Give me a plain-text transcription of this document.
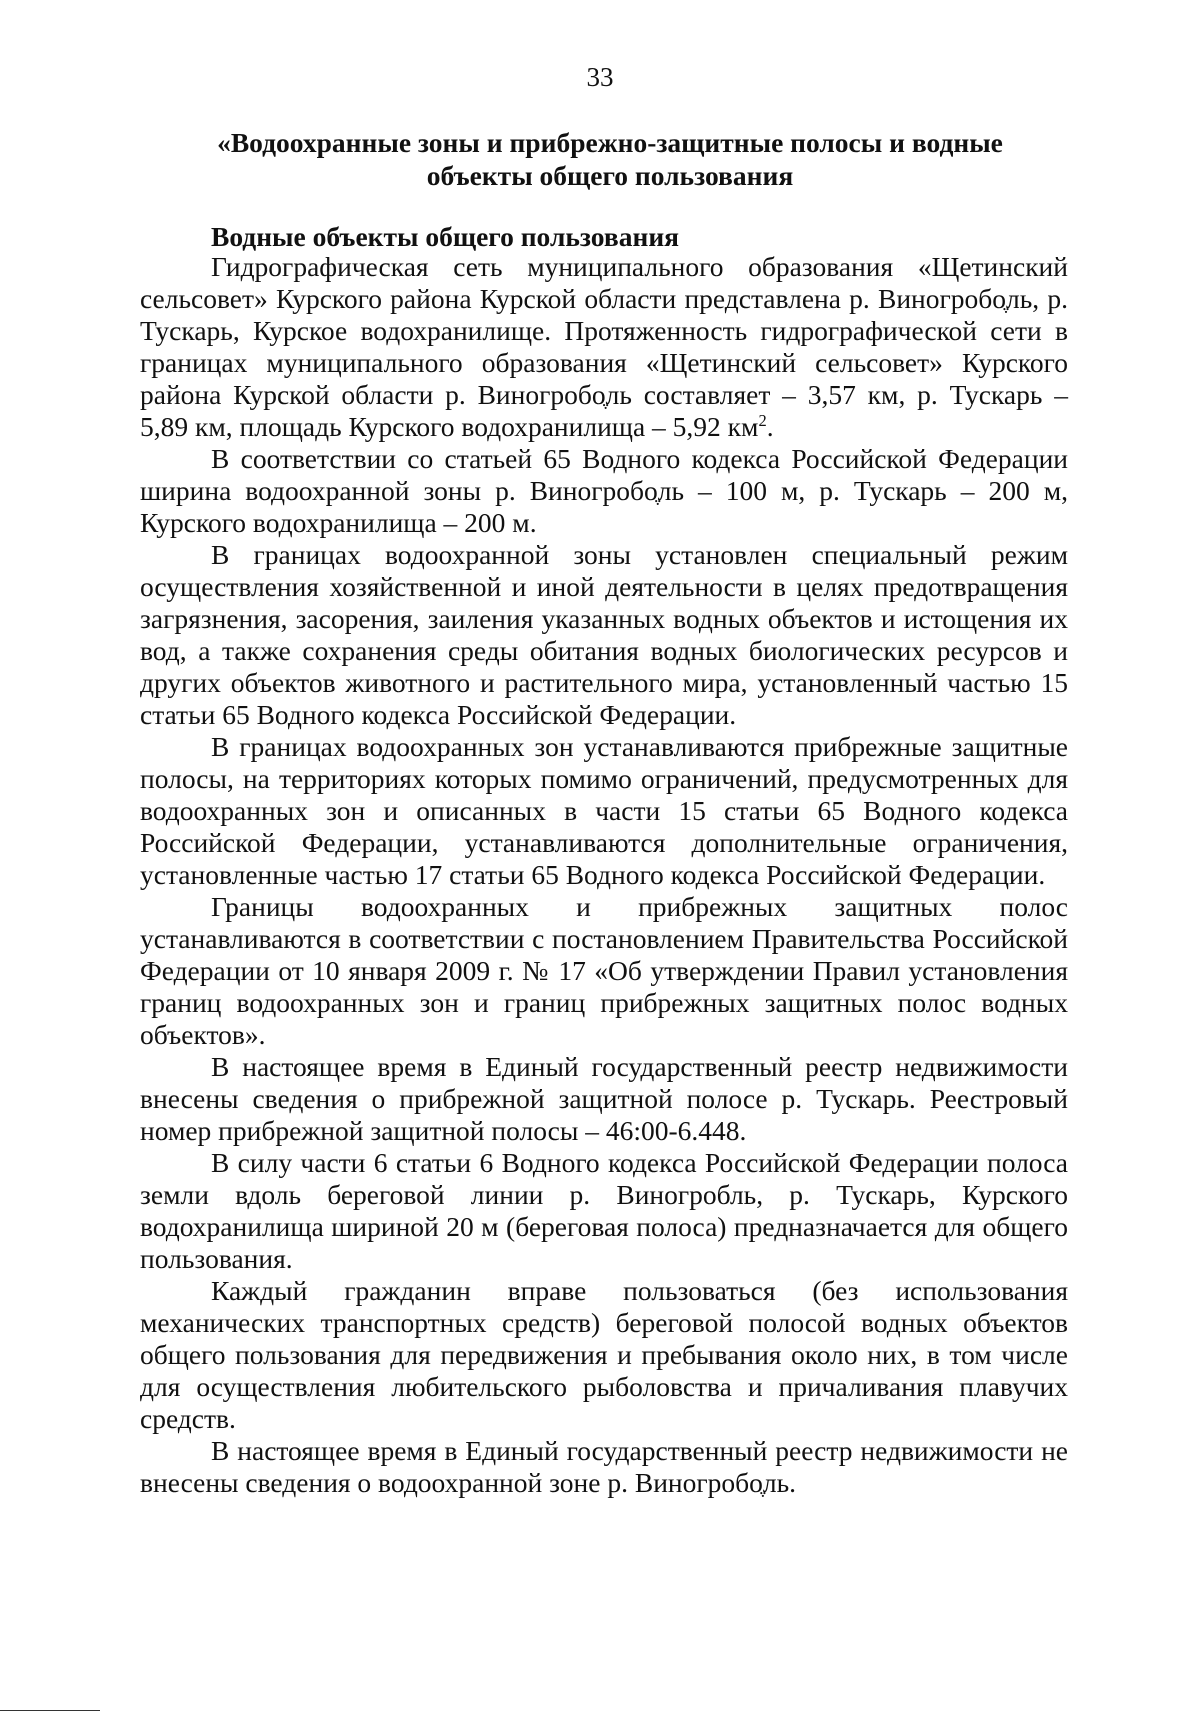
33
«Водоохранные зоны и прибрежно-защитные полосы и водные
объекты общего пользования
Водные объекты общего пользования

Гидрографическая сеть муниципального образования «Щетинский сельсовет» Курского района Курской области представлена р. Виногробоֶль, р. Тускарь, Курское водохранилище. Протяженность гидрографической сети в границах муниципального образования «Щетинский сельсовет» Курского района Курской области р. Виногробоֶль составляет – 3,57 км, р. Тускарь – 5,89 км, площадь Курского водохранилища – 5,92 $км^2$.

В соответствии со статьей 65 Водного кодекса Российской Федерации ширина водоохранной зоны р. Виногробоֶль – 100 м, р. Тускарь – 200 м, Курского водохранилища – 200 м.

В границах водоохранной зоны установлен специальный режим осуществления хозяйственной и иной деятельности в целях предотвращения загрязнения, засорения, заиления указанных водных объектов и истощения их вод, а также сохранения среды обитания водных биологических ресурсов и других объектов животного и растительного мира, установленный частью 15 статьи 65 Водного кодекса Российской Федерации.

В границах водоохранных зон устанавливаются прибрежные защитные полосы, на территориях которых помимо ограничений, предусмотренных для водоохранных зон и описанных в части 15 статьи 65 Водного кодекса Российской Федерации, устанавливаются дополнительные ограничения, установленные частью 17 статьи 65 Водного кодекса Российской Федерации.

Границы водоохранных и прибрежных защитных полос устанавливаются в соответствии с постановлением Правительства Российской Федерации от 10 января 2009 г. № 17 «Об утверждении Правил установления границ водоохранных зон и границ прибрежных защитных полос водных объектов».

В настоящее время в Единый государственный реестр недвижимости внесены сведения о прибрежной защитной полосе р. Тускарь. Реестровый номер прибрежной защитной полосы – 46:00-6.448.

В силу части 6 статьи 6 Водного кодекса Российской Федерации полоса земли вдоль береговой линии р. Виногробль, р. Тускарь, Курского водохранилища шириной 20 м (береговая полоса) предназначается для общего пользования.

Каждый гражданин вправе пользоваться (без использования механических транспортных средств) береговой полосой водных объектов общего пользования для передвижения и пребывания около них, в том числе для осуществления любительского рыболовства и причаливания плавучих средств.

В настоящее время в Единый государственный реестр недвижимости не внесены сведения о водоохранной зоне р. Виногробоֶль.
